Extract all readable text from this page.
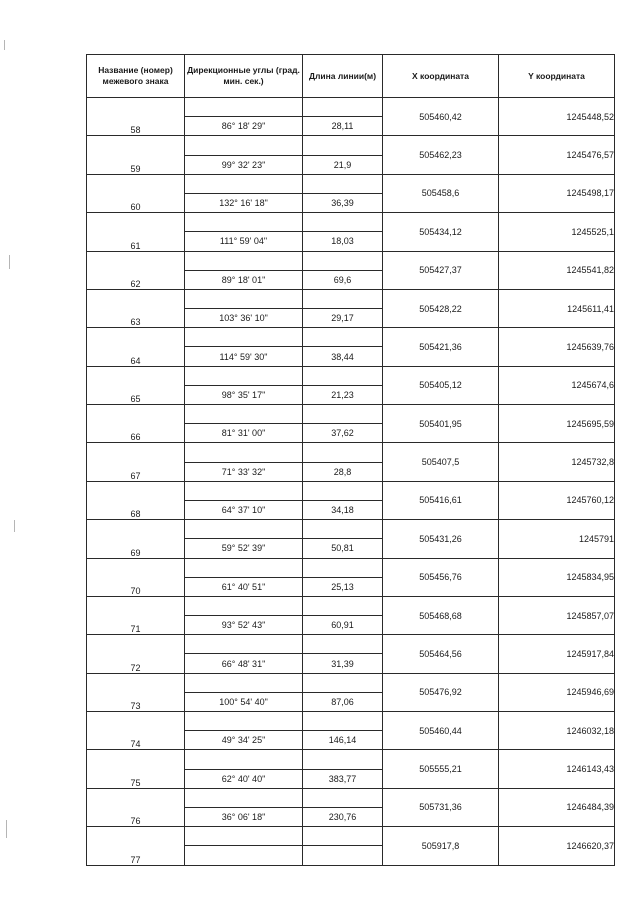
Название (номер) межевого знака	Дирекционные углы (град. мин. сек.)	Длина линии(м)	X координата	Y координата
58			505460,42	1245448,52
	86° 18' 29"	28,11		
59			505462,23	1245476,57
	99° 32' 23"	21,9		
60			505458,6	1245498,17
	132° 16' 18"	36,39		
61			505434,12	1245525,1
	111° 59' 04"	18,03		
62			505427,37	1245541,82
	89° 18' 01"	69,6		
63			505428,22	1245611,41
	103° 36' 10"	29,17		
64			505421,36	1245639,76
	114° 59' 30"	38,44		
65			505405,12	1245674,6
	98° 35' 17"	21,23		
66			505401,95	1245695,59
	81° 31' 00"	37,62		
67			505407,5	1245732,8
	71° 33' 32"	28,8		
68			505416,61	1245760,12
	64° 37' 10"	34,18		
69			505431,26	1245791
	59° 52' 39"	50,81		
70			505456,76	1245834,95
	61° 40' 51"	25,13		
71			505468,68	1245857,07
	93° 52' 43"	60,91		
72			505464,56	1245917,84
	66° 48' 31"	31,39		
73			505476,92	1245946,69
	100° 54' 40"	87,06		
74			505460,44	1246032,18
	49° 34' 25"	146,14		
75			505555,21	1246143,43
	62° 40' 40"	383,77		
76			505731,36	1246484,39
	36° 06' 18"	230,76		
77			505917,8	1246620,37
